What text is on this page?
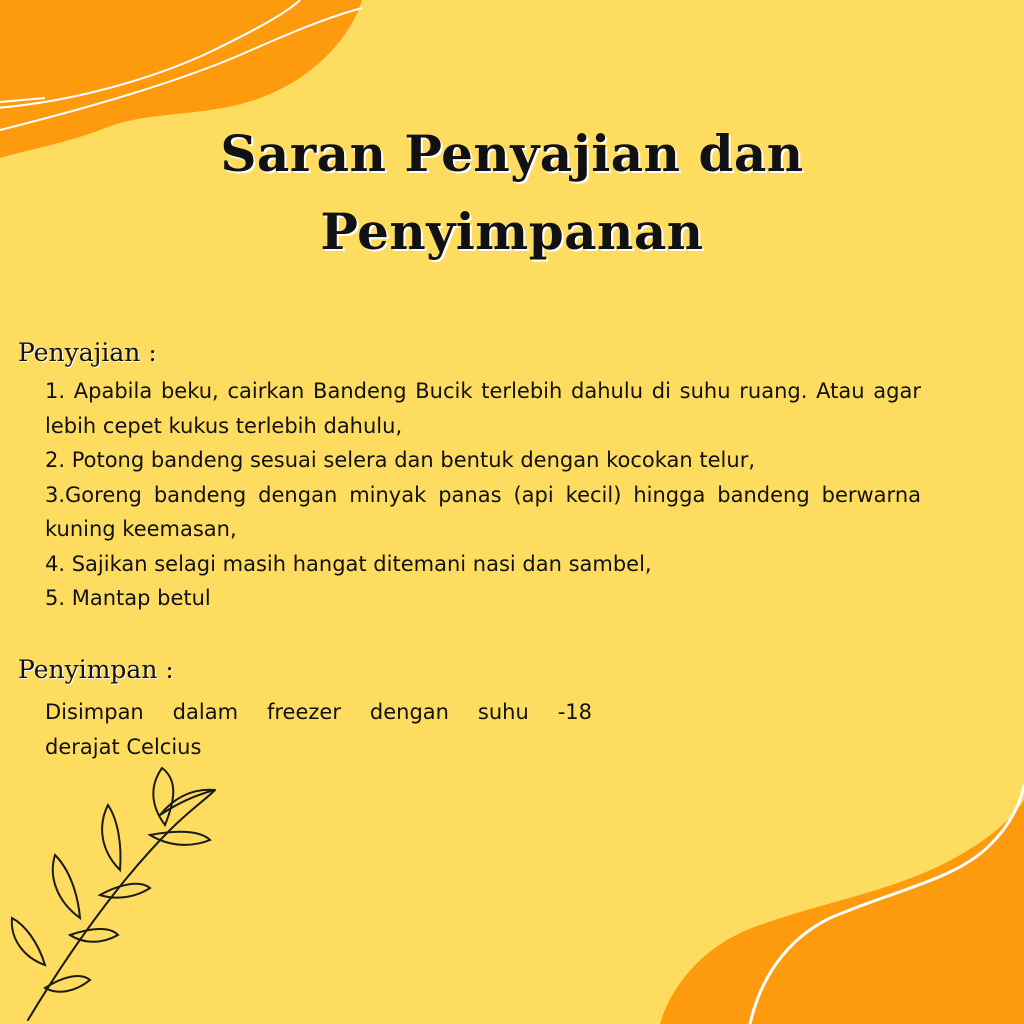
Saran Penyajian dan Penyimpanan
Penyajian :
1. Apabila beku, cairkan Bandeng Bucik terlebih dahulu di suhu ruang. Atau agar lebih cepet kukus terlebih dahulu,
2. Potong bandeng sesuai selera dan bentuk dengan kocokan telur,
3.Goreng bandeng dengan minyak panas (api kecil) hingga bandeng berwarna kuning keemasan,
4. Sajikan selagi masih hangat ditemani nasi dan sambel,
5. Mantap betul
Penyimpan :

Disimpan dalam freezer dengan suhu -18
derajat Celcius
